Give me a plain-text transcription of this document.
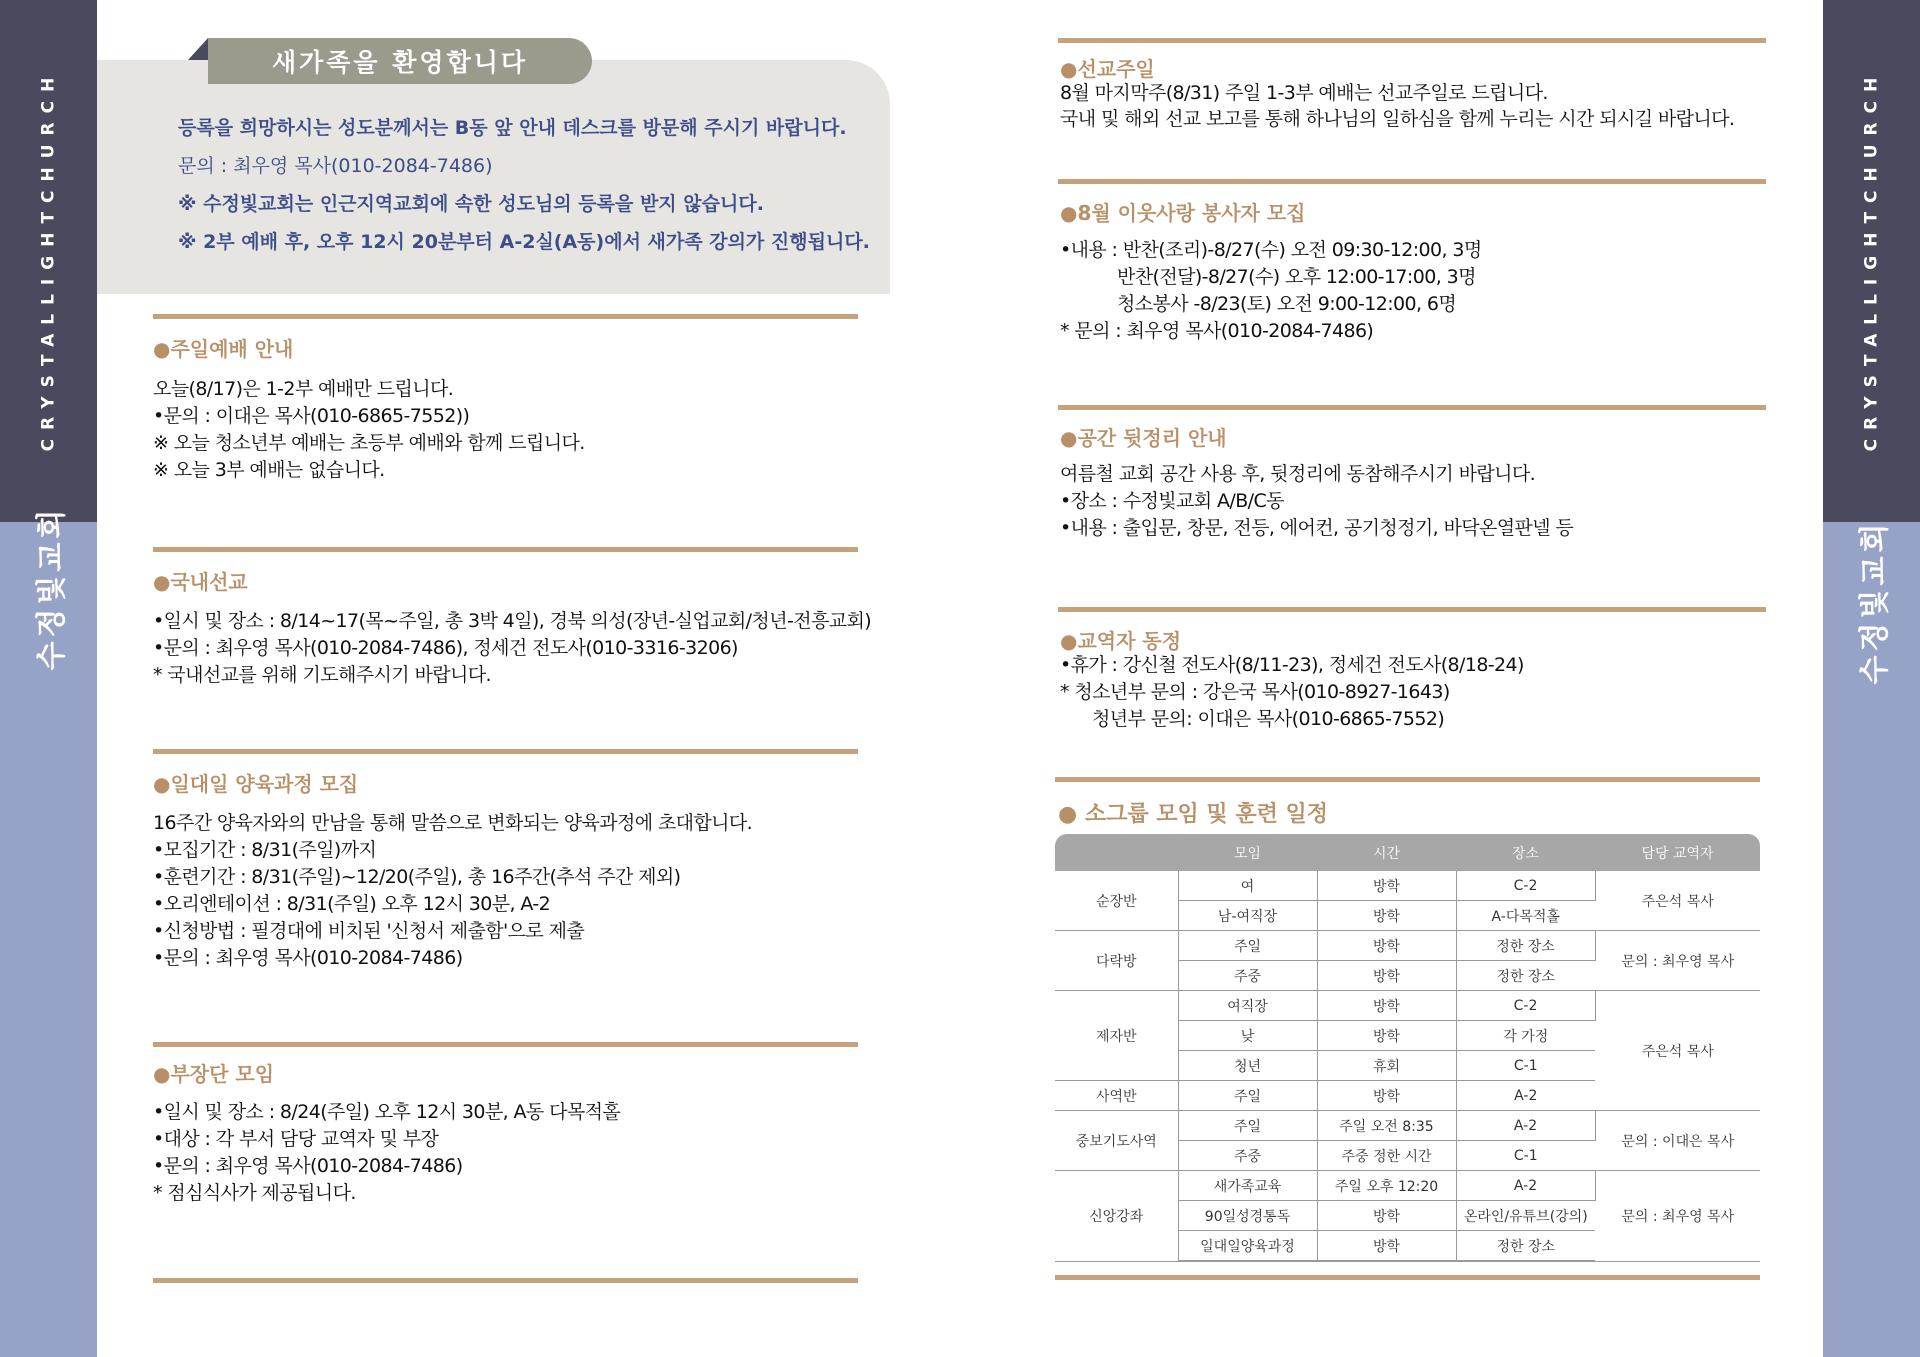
CRYSTALLIGHTCHURCH
수정빛교회
CRYSTALLIGHTCHURCH
수정빛교회
새가족을 환영합니다
등록을 희망하시는 성도분께서는 B동 앞 안내 데스크를 방문해 주시기 바랍니다.
문의 : 최우영 목사(010-2084-7486)
※ 수정빛교회는 인근지역교회에 속한 성도님의 등록을 받지 않습니다.
※ 2부 예배 후, 오후 12시 20분부터 A-2실(A동)에서 새가족 강의가 진행됩니다.
●주일예배 안내
오늘(8/17)은 1-2부 예배만 드립니다.
•문의 : 이대은 목사(010-6865-7552))
※ 오늘 청소년부 예배는 초등부 예배와 함께 드립니다.
※ 오늘 3부 예배는 없습니다.
●국내선교
•일시 및 장소 : 8/14~17(목~주일, 총 3박 4일), 경북 의성(장년-실업교회/청년-전흥교회)
•문의 : 최우영 목사(010-2084-7486), 정세건 전도사(010-3316-3206)
* 국내선교를 위해 기도해주시기 바랍니다.
●일대일 양육과정 모집
16주간 양육자와의 만남을 통해 말씀으로 변화되는 양육과정에 초대합니다.
•모집기간 : 8/31(주일)까지
•훈련기간 : 8/31(주일)~12/20(주일), 총 16주간(추석 주간 제외)
•오리엔테이션 : 8/31(주일) 오후 12시 30분, A-2
•신청방법 : 필경대에 비치된 '신청서 제출함'으로 제출
•문의 : 최우영 목사(010-2084-7486)
●부장단 모임
•일시 및 장소 : 8/24(주일) 오후 12시 30분, A동 다목적홀
•대상 : 각 부서 담당 교역자 및 부장
•문의 : 최우영 목사(010-2084-7486)
* 점심식사가 제공됩니다.
●선교주일
8월 마지막주(8/31) 주일 1-3부 예배는 선교주일로 드립니다.
국내 및 해외 선교 보고를 통해 하나님의 일하심을 함께 누리는 시간 되시길 바랍니다.
●8월 이웃사랑 봉사자 모집
•내용 : 반찬(조리)-8/27(수) 오전 09:30-12:00, 3명
반찬(전달)-8/27(수) 오후 12:00-17:00, 3명
청소봉사 -8/23(토) 오전 9:00-12:00, 6명
* 문의 : 최우영 목사(010-2084-7486)
●공간 뒷정리 안내
여름철 교회 공간 사용 후, 뒷정리에 동참해주시기 바랍니다.
•장소 : 수정빛교회 A/B/C동
•내용 : 출입문, 창문, 전등, 에어컨, 공기청정기, 바닥온열판넬 등
●교역자 동정
•휴가 : 강신철 전도사(8/11-23), 정세건 전도사(8/18-24)
* 청소년부 문의 : 강은국 목사(010-8927-1643)
청년부 문의: 이대은 목사(010-6865-7552)
● 소그룹 모임 및 훈련 일정
	모임	시간	장소	담당 교역자
순장반	여	방학	C-2	주은석 목사
	남-여직장	방학	A-다목적홀	
다락방	주일	방학	정한 장소	문의 : 최우영 목사
	주중	방학	정한 장소	
제자반	여직장	방학	C-2	주은석 목사
	낮	방학	각 가정	
	청년	휴회	C-1	
사역반	주일	방학	A-2	
중보기도사역	주일	주일 오전 8:35	A-2	문의 : 이대은 목사
	주중	주중 정한 시간	C-1	
신앙강좌	새가족교육	주일 오후 12:20	A-2	문의 : 최우영 목사
	90일성경통독	방학	온라인/유튜브(강의)	
	일대일양육과정	방학	정한 장소	
